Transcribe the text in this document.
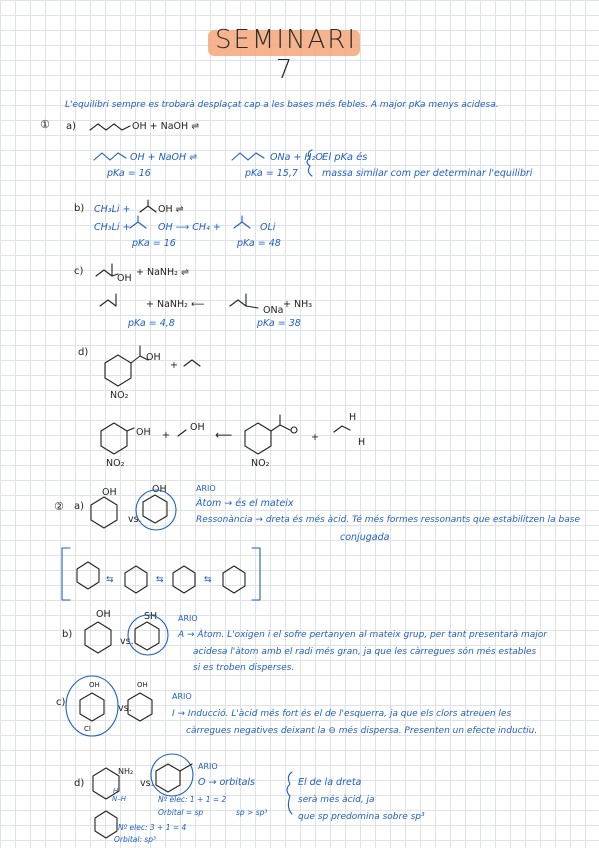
SEMINARI 7
L'equilibri sempre es trobarà desplaçat cap a les bases més febles. A major pKa menys acidesa.
① a)	OH + NaOH ⇌
OH + NaOH ⇌	ONa + H₂O
pKa = 16	pKa = 15,7
El pKa és
massa similar com per determinar l'equilibri
b) CH₃Li +	OH ⇌
CH₃Li +	OH ⟶ CH₄ +	OLi
pKa = 16	pKa = 48
c)
OH
+ NaNH₂ ⇌
+ NaNH₂ ⟵
ONa
+ NH₃
pKa = 4,8	pKa = 38
d)	OH
NO₂
+
OH +
OH
⟵
NO₂	NO₂
+
H
H
② a)
OH
vs.
OH	ARIO
Àtom → és el mateix
Ressonància → dreta és més àcid. Té més formes ressonants que estabilitzen la base
conjugada
b)
OH
vs.
SH	ARIO
A → Àtom. L'oxigen i el sofre pertanyen al mateix grup, per tant presentarà major
acidesa l'àtom amb el radi més gran, ja que les càrregues són més estables
si es troben disperses.
c)
OH
vs.
OH
Cl
ARIO
I → Inducció. L'àcid més fort és el de l'esquerra, ja que els clors atreuen les
càrregues negatives deixant la ⊖ més dispersa. Presenten un efecte inductiu.
d)
NH₂
vs.
ARIO
O → orbitals
N–H
H
Nº elec: 1 + 1 = 2
Orbital = sp	sp > sp³
Nº elec: 3 + 1 = 4
Orbital: sp³
El de la dreta
serà més àcid, ja
que sp predomina sobre sp³
⇆	⇆	⇆
